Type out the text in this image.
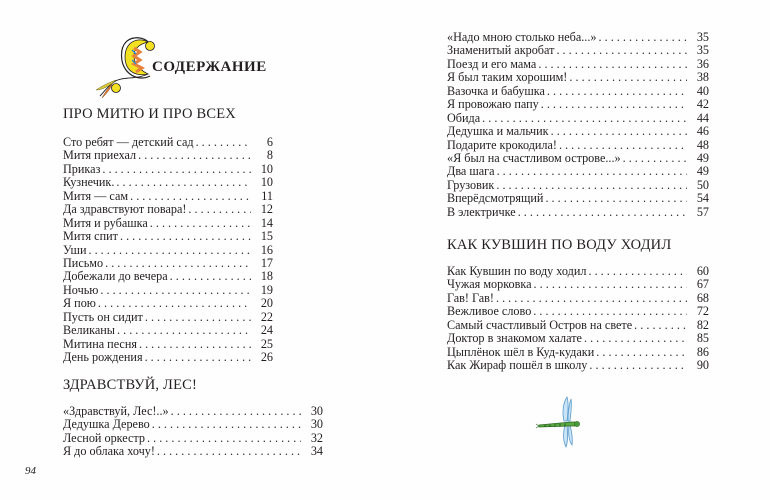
СОДЕРЖАНИЕ
ПРО МИТЮ И ПРО ВСЕХ
Сто ребят — детский сад . . .	6
Митя приехал . . .	8
Приказ . . .	10
Кузнечик. . . .	10
Митя — сам . . .	11
Да здравствуют повара! . . .	12
Митя и рубашка . . .	14
Митя спит . . .	15
Уши . . .	16
Письмо . . .	17
Добежали до вечера . . .	18
Ночью . . .	19
Я пою . . .	20
Пусть он сидит . . .	22
Великаны . . .	24
Митина песня . . .	25
День рождения . . .	26
ЗДРАВСТВУЙ, ЛЕС!
«Здравствуй, Лес!..» . . .	30
Дедушка Дерево . . .	30
Лесной оркестр . . .	32
Я до облака хочу! . . .	34
94
«Надо мною столько неба...» . . .	35
Знаменитый акробат . . .	35
Поезд и его мама . . .	36
Я был таким хорошим! . . .	38
Вазочка и бабушка . . .	40
Я провожаю папу . . .	42
Обида . . .	44
Дедушка и мальчик . . .	46
Подарите крокодила! . . .	48
«Я был на счастливом острове...» . . .	49
Два шага . . .	49
Грузовик . . .	50
Вперёдсмотрящий . . .	54
В электричке . . .	57
КАК КУВШИН ПО ВОДУ ХОДИЛ
Как Кувшин по воду ходил . . .	60
Чужая морковка . . .	67
Гав! Гав! . . .	68
Вежливое слово . . .	72
Самый счастливый Остров на свете . . .	82
Доктор в знакомом халате . . .	85
Цыплёнок шёл в Куд-кудаки . . .	86
Как Жираф пошёл в школу . . .	90
